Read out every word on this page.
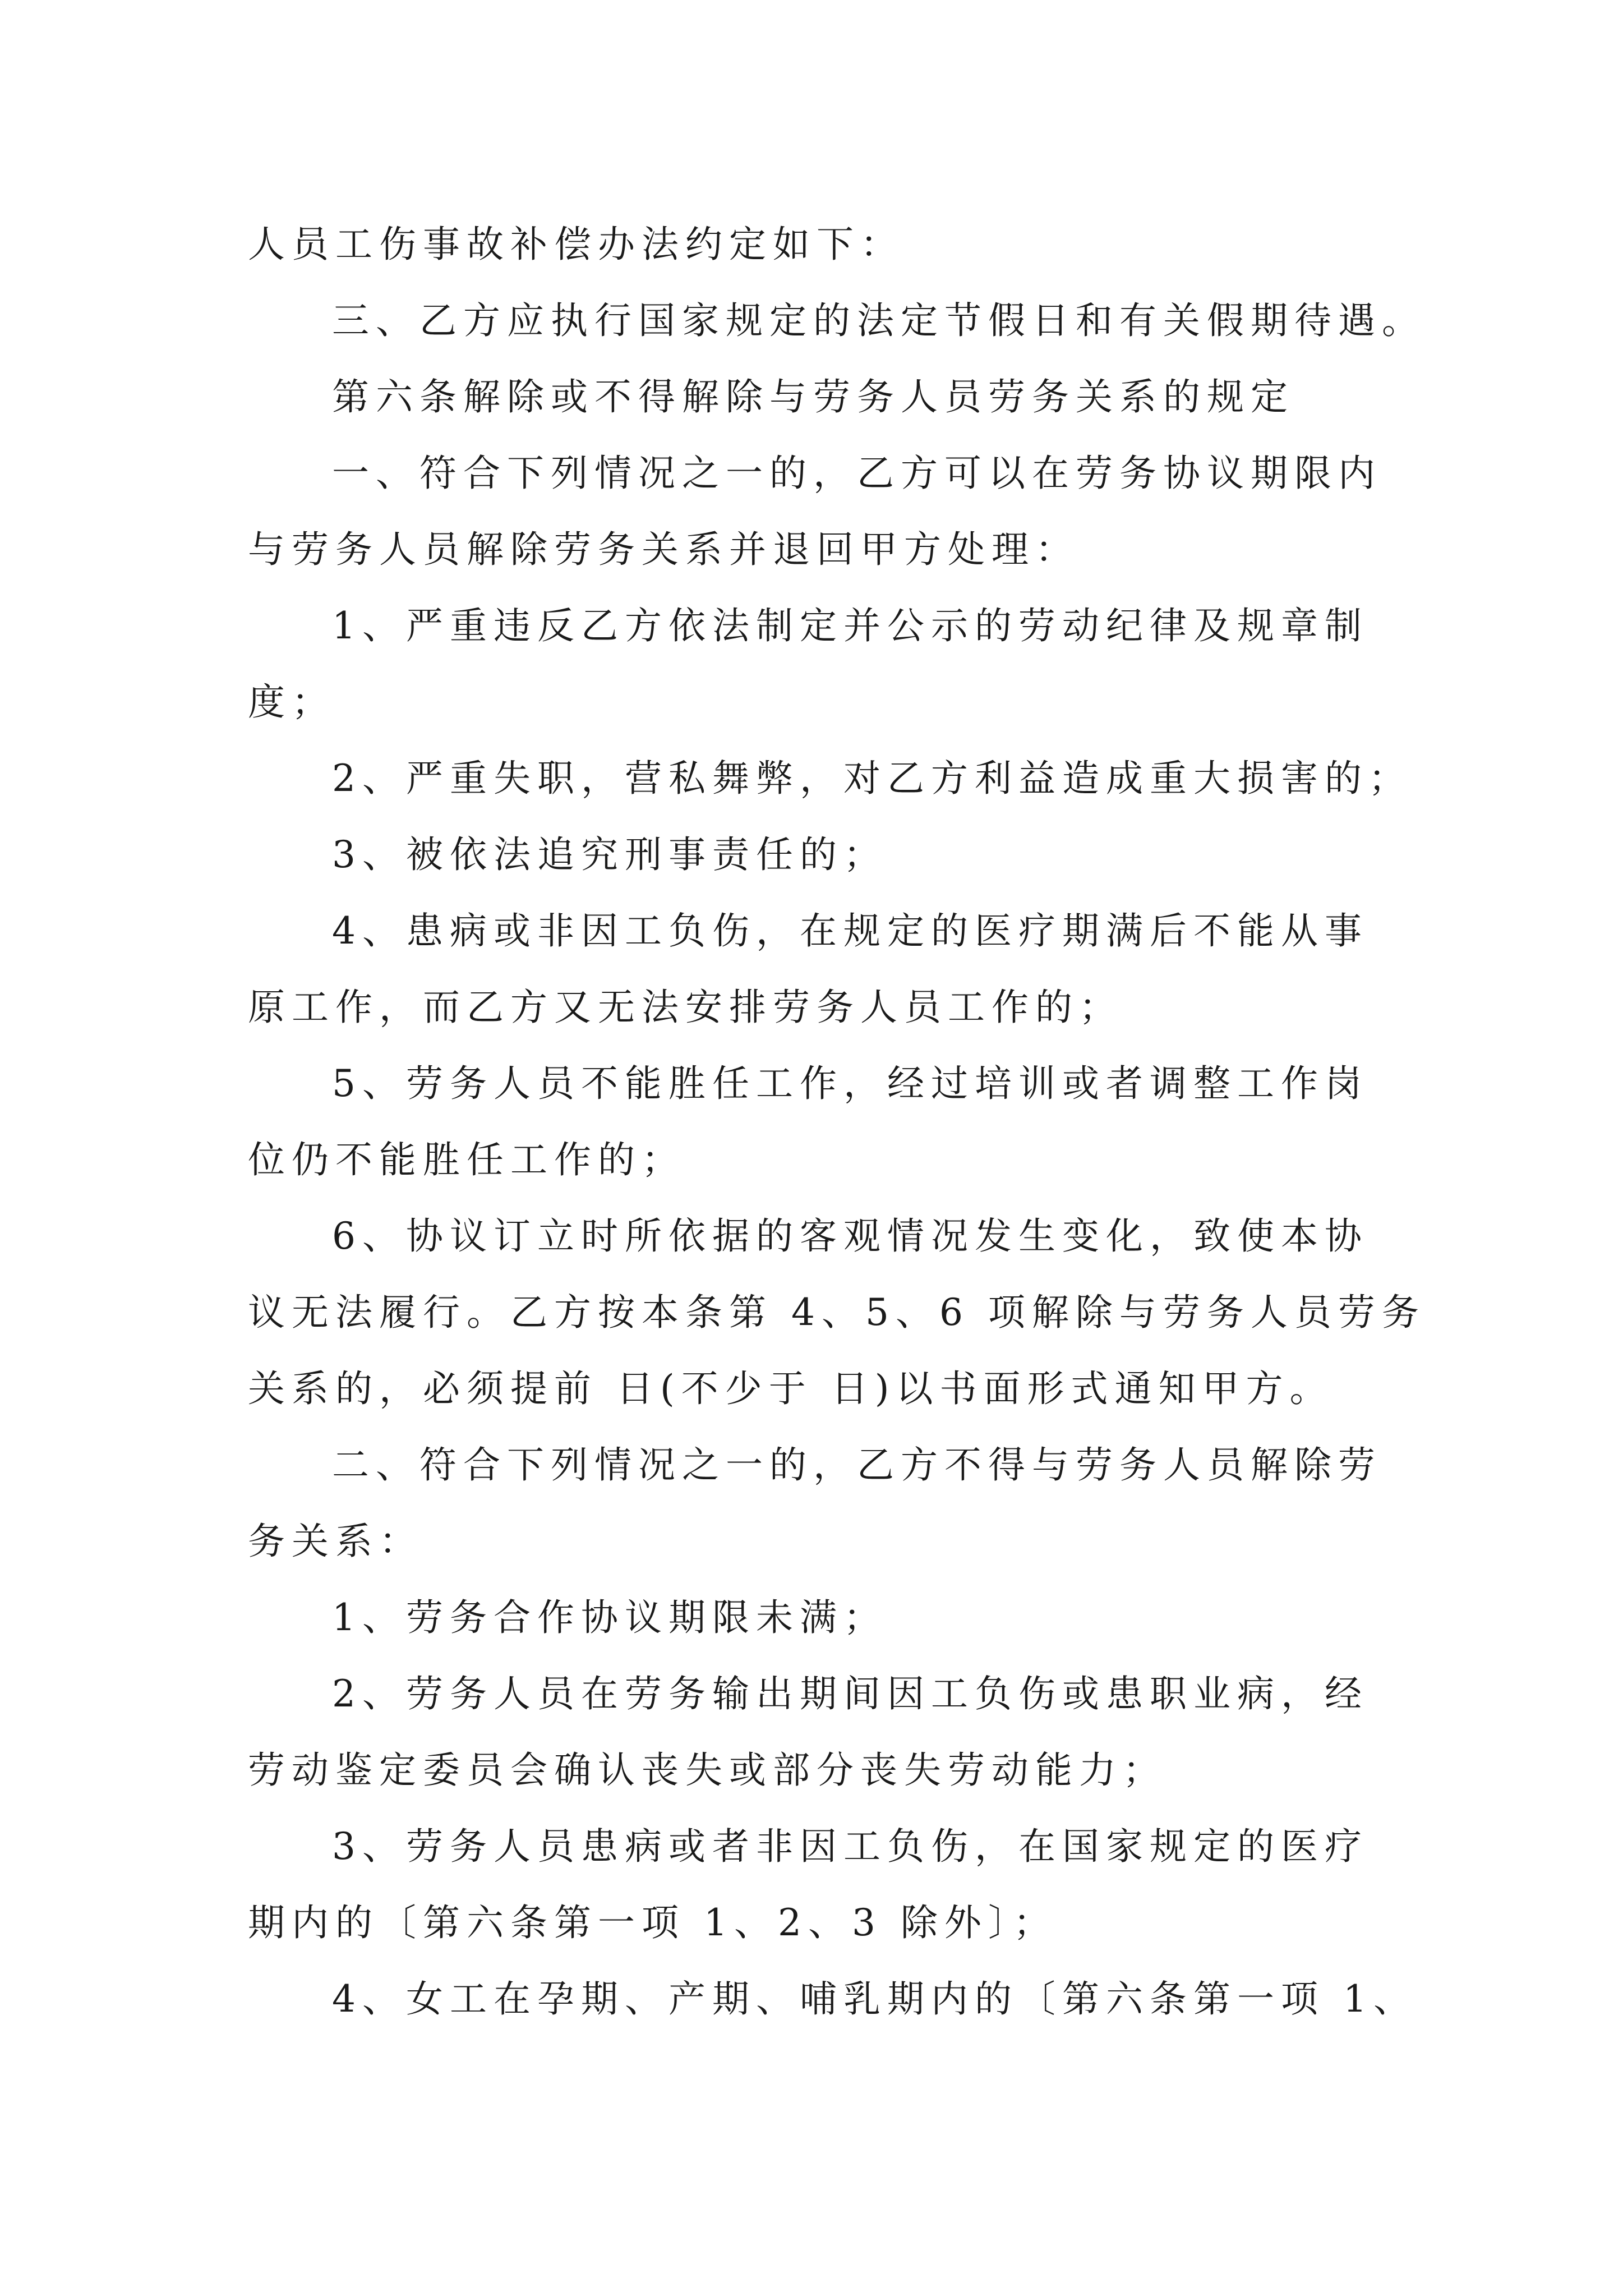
人员工伤事故补偿办法约定如下：

三、乙方应执行国家规定的法定节假日和有关假期待遇。

第六条解除或不得解除与劳务人员劳务关系的规定

一、符合下列情况之一的，乙方可以在劳务协议期限内

与劳务人员解除劳务关系并退回甲方处理：

1、严重违反乙方依法制定并公示的劳动纪律及规章制

度；

2、严重失职，营私舞弊，对乙方利益造成重大损害的；

3、被依法追究刑事责任的；

4、患病或非因工负伤，在规定的医疗期满后不能从事

原工作，而乙方又无法安排劳务人员工作的；

5、劳务人员不能胜任工作，经过培训或者调整工作岗

位仍不能胜任工作的；

6、协议订立时所依据的客观情况发生变化，致使本协

议无法履行。乙方按本条第 4、5、6 项解除与劳务人员劳务

关系的，必须提前 日(不少于 日)以书面形式通知甲方。

二、符合下列情况之一的，乙方不得与劳务人员解除劳

务关系：

1、劳务合作协议期限未满；

2、劳务人员在劳务输出期间因工负伤或患职业病，经

劳动鉴定委员会确认丧失或部分丧失劳动能力；

3、劳务人员患病或者非因工负伤，在国家规定的医疗

期内的〔第六条第一项 1、2、3 除外〕；

4、女工在孕期、产期、哺乳期内的〔第六条第一项 1、
